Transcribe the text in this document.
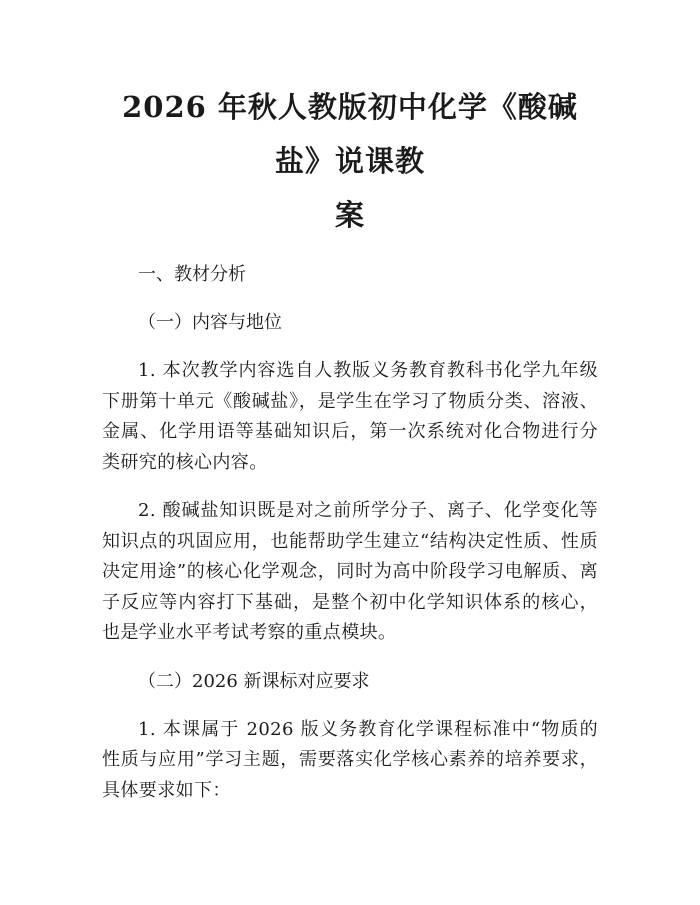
2026 年秋人教版初中化学《酸碱盐》说课教
案

一、教材分析

（一）内容与地位

1. 本次教学内容选自人教版义务教育教科书化学九年级下册第十单元《酸碱盐》，是学生在学习了物质分类、溶液、金属、化学用语等基础知识后，第一次系统对化合物进行分类研究的核心内容。

2. 酸碱盐知识既是对之前所学分子、离子、化学变化等知识点的巩固应用，也能帮助学生建立“结构决定性质、性质决定用途”的核心化学观念，同时为高中阶段学习电解质、离子反应等内容打下基础，是整个初中化学知识体系的核心，也是学业水平考试考察的重点模块。

（二）2026 新课标对应要求

1. 本课属于 2026 版义务教育化学课程标准中“物质的性质与应用”学习主题，需要落实化学核心素养的培养要求，具体要求如下：
